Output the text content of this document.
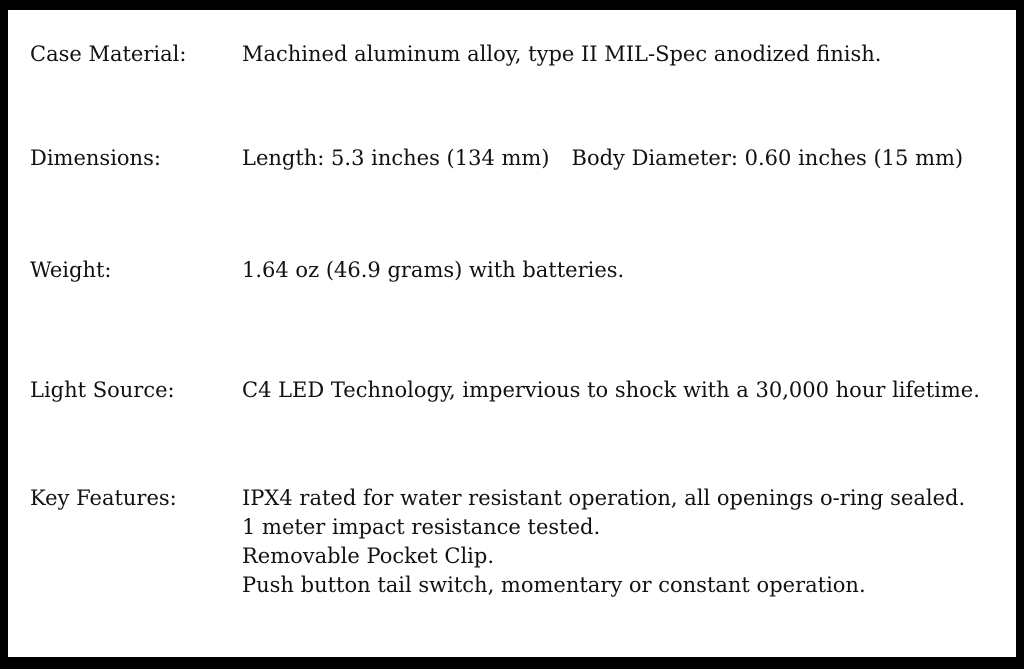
Case Material:	Machined aluminum alloy, type II MIL-Spec anodized finish.
Dimensions:	Length: 5.3 inches (134 mm) Body Diameter: 0.60 inches (15 mm)
Weight:	1.64 oz (46.9 grams) with batteries.
Light Source:	C4 LED Technology, impervious to shock with a 30,000 hour lifetime.
Key Features:	IPX4 rated for water resistant operation, all openings o-ring sealed.
1 meter impact resistance tested.
Removable Pocket Clip.
Push button tail switch, momentary or constant operation.
